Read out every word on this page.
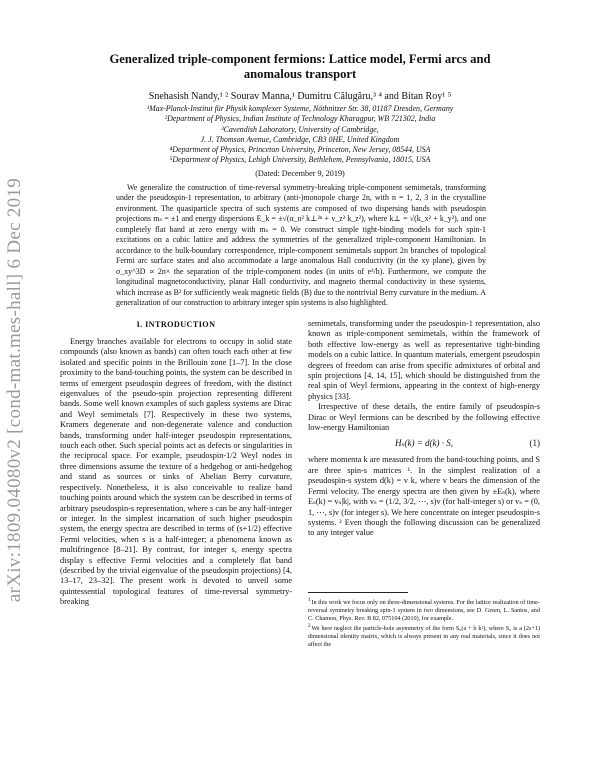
arXiv:1809.04080v2 [cond-mat.mes-hall] 6 Dec 2019
Generalized triple-component fermions: Lattice model, Fermi arcs and anomalous transport
Snehasish Nandy,¹ ² Sourav Manna,¹ Dumitru Călugăru,³ ⁴ and Bitan Roy¹ ⁵
¹Max-Planck-Institut für Physik komplexer Systeme, Nöthnitzer Str. 38, 01187 Dresden, Germany
²Department of Physics, Indian Institute of Technology Kharagpur, WB 721302, India
³Cavendish Laboratory, University of Cambridge,
J. J. Thomson Avenue, Cambridge, CB3 0HE, United Kingdom
⁴Department of Physics, Princeton University, Princeton, New Jersey, 08544, USA
⁵Department of Physics, Lehigh University, Bethlehem, Pennsylvania, 18015, USA
(Dated: December 9, 2019)

We generalize the construction of time-reversal symmetry-breaking triple-component semimetals, transforming under the pseudospin-1 representation, to arbitrary (anti-)monopole charge 2n, with n = 1, 2, 3 in the crystalline environment. The quasiparticle spectra of such systems are composed of two dispersing bands with pseudospin projections mₛ = ±1 and energy dispersions E_k = ±√(α_n² k⊥²ⁿ + v_z² k_z²), where k⊥ = √(k_x² + k_y²), and one completely flat band at zero energy with mₛ = 0. We construct simple tight-binding models for such spin-1 excitations on a cubic lattice and address the symmetries of the generalized triple-component Hamiltonian. In accordance to the bulk-boundary correspondence, triple-component semimetals support 2n branches of topological Fermi arc surface states and also accommodate a large anomalous Hall conductivity (in the xy plane), given by σ_xy^3D ∝ 2n× the separation of the triple-component nodes (in units of e²/h). Furthermore, we compute the longitudinal magnetoconductivity, planar Hall conductivity, and magneto thermal conductivity in these systems, which increase as B² for sufficiently weak magnetic fields (B) due to the nontrivial Berry curvature in the medium. A generalization of our construction to arbitrary integer spin systems is also highlighted.

I. INTRODUCTION

Energy branches available for electrons to occupy in solid state compounds (also known as bands) can often touch each other at few isolated and specific points in the Brillouin zone [1–7]. In the close proximity to the band-touching points, the system can be described in terms of emergent pseudospin degrees of freedom, with the distinct eigenvalues of the pseudo-spin projection representing different bands. Some well known examples of such gapless systems are Dirac and Weyl semimetals [7]. Respectively in these two systems, Kramers degenerate and non-degenerate valence and conduction bands, transforming under half-integer pseudospin representations, touch each other. Such special points act as defects or singularities in the reciprocal space. For example, pseudospin-1/2 Weyl nodes in three dimensions assume the texture of a hedgehog or anti-hedgehog and stand as sources or sinks of Abelian Berry curvature, respectively. Nonetheless, it is also conceivable to realize band touching points around which the system can be described in terms of arbitrary pseudospin-s representation, where s can be any half-integer or integer. In the simplest incarnation of such higher pseudospin system, the energy spectra are described in terms of (s+1/2) effective Fermi velocities, when s is a half-integer; a phenomena known as multifringence [8–21]. By contrast, for integer s, energy spectra display s effective Fermi velocities and a completely flat band (described by the trivial eigenvalue of the pseudospin projections) [4, 13–17, 23–32]. The present work is devoted to unveil some quintessential topological features of time-reversal symmetry-breaking

semimetals, transforming under the pseudospin-1 representation, also known as triple-component semimetals, within the framework of both effective low-energy as well as representative tight-binding models on a cubic lattice. In quantum materials, emergent pseudospin degrees of freedom can arise from specific admixtures of orbital and spin projections [4, 14, 15], which should be distinguished from the real spin of Weyl fermions, appearing in the context of high-energy physics [33].

Irrespective of these details, the entire family of pseudospin-s Dirac or Weyl fermions can be described by the following effective low-energy Hamiltonian

Hₛ(k) = d(k) · S,	(1)

where momenta k are measured from the band-touching points, and S are three spin-s matrices ¹. In the simplest realization of a pseudospin-s system d(k) = v k, where v bears the dimension of the Fermi velocity. The energy spectra are then given by ±Eₛ(k), where Eₛ(k) = vₛ|k|, with vₛ = (1/2, 3/2, ⋯, s)v (for half-integer s) or vₛ = (0, 1, ⋯, s)v (for integer s). We here concentrate on integer pseudospin-s systems. ² Even though the following discussion can be generalized to any integer value

$^1$In this work we focus only on three-dimensional systems. For the lattice realization of time-reversal symmetry breaking spin-1 system in two dimensions, see D. Green, L. Santos, and C. Chamon, Phys. Rev. B 82, 075104 (2010), for example.
$^2$We here neglect the particle-hole asymmetry of the form S₀(a + b k²), where S₀ is a (2s+1) dimensional identity matrix, which is always present in any real materials, since it does not affect the
